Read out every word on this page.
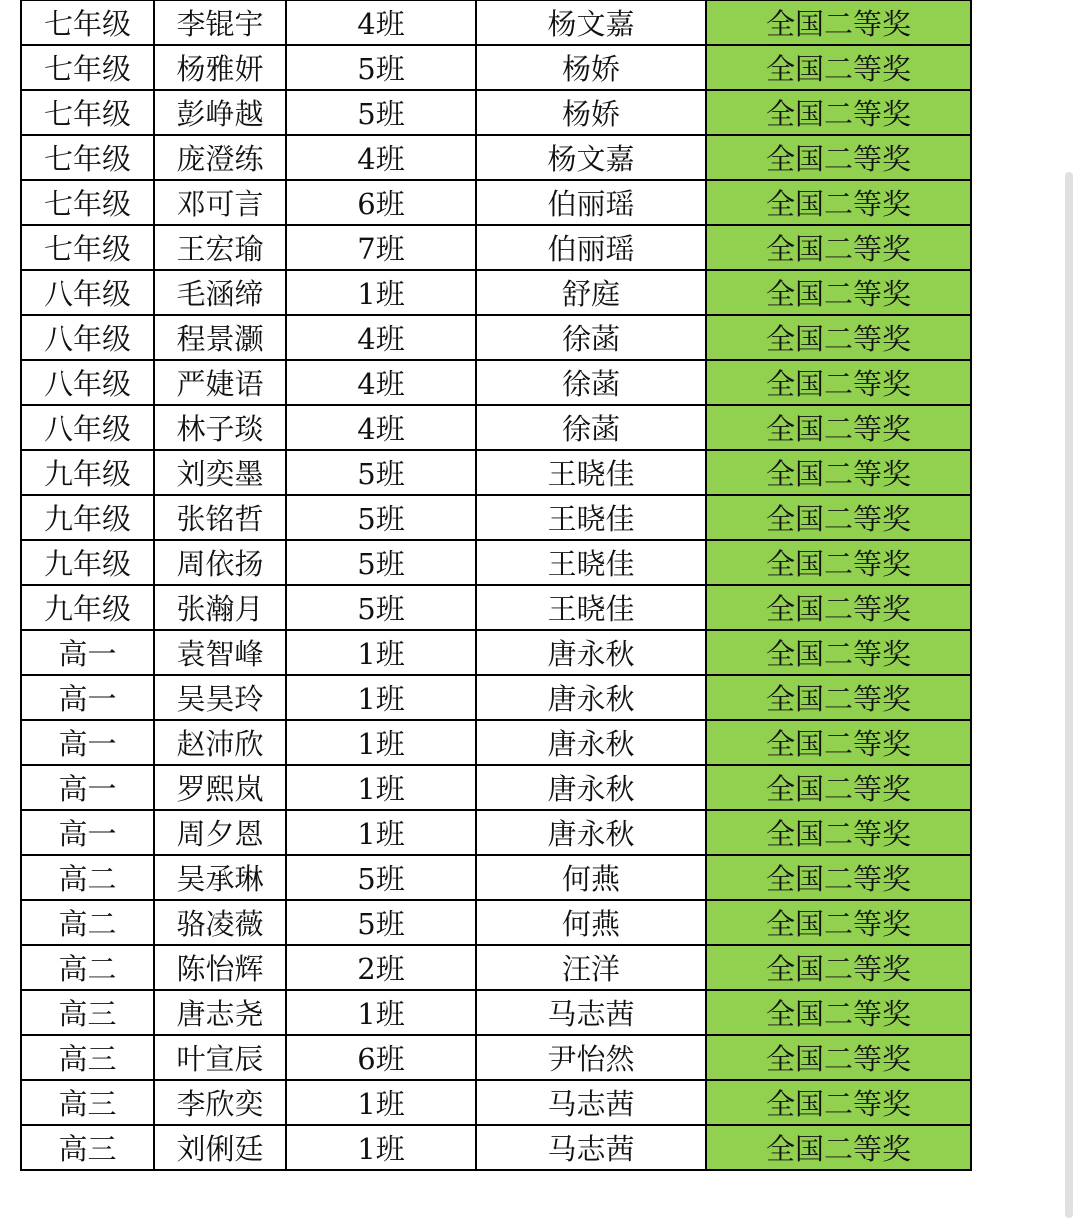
七年级	李锟宇	4班	杨文嘉	全国二等奖
七年级	杨雅妍	5班	杨娇	全国二等奖
七年级	彭峥越	5班	杨娇	全国二等奖
七年级	庞澄练	4班	杨文嘉	全国二等奖
七年级	邓可言	6班	伯丽瑶	全国二等奖
七年级	王宏瑜	7班	伯丽瑶	全国二等奖
八年级	毛涵缔	1班	舒庭	全国二等奖
八年级	程景灏	4班	徐菡	全国二等奖
八年级	严婕语	4班	徐菡	全国二等奖
八年级	林子琰	4班	徐菡	全国二等奖
九年级	刘奕墨	5班	王晓佳	全国二等奖
九年级	张铭哲	5班	王晓佳	全国二等奖
九年级	周依扬	5班	王晓佳	全国二等奖
九年级	张瀚月	5班	王晓佳	全国二等奖
高一	袁智峰	1班	唐永秋	全国二等奖
高一	吴昊玲	1班	唐永秋	全国二等奖
高一	赵沛欣	1班	唐永秋	全国二等奖
高一	罗熙岚	1班	唐永秋	全国二等奖
高一	周夕恩	1班	唐永秋	全国二等奖
高二	吴承琳	5班	何燕	全国二等奖
高二	骆凌薇	5班	何燕	全国二等奖
高二	陈怡辉	2班	汪洋	全国二等奖
高三	唐志尧	1班	马志茜	全国二等奖
高三	叶宣辰	6班	尹怡然	全国二等奖
高三	李欣奕	1班	马志茜	全国二等奖
高三	刘俐廷	1班	马志茜	全国二等奖
